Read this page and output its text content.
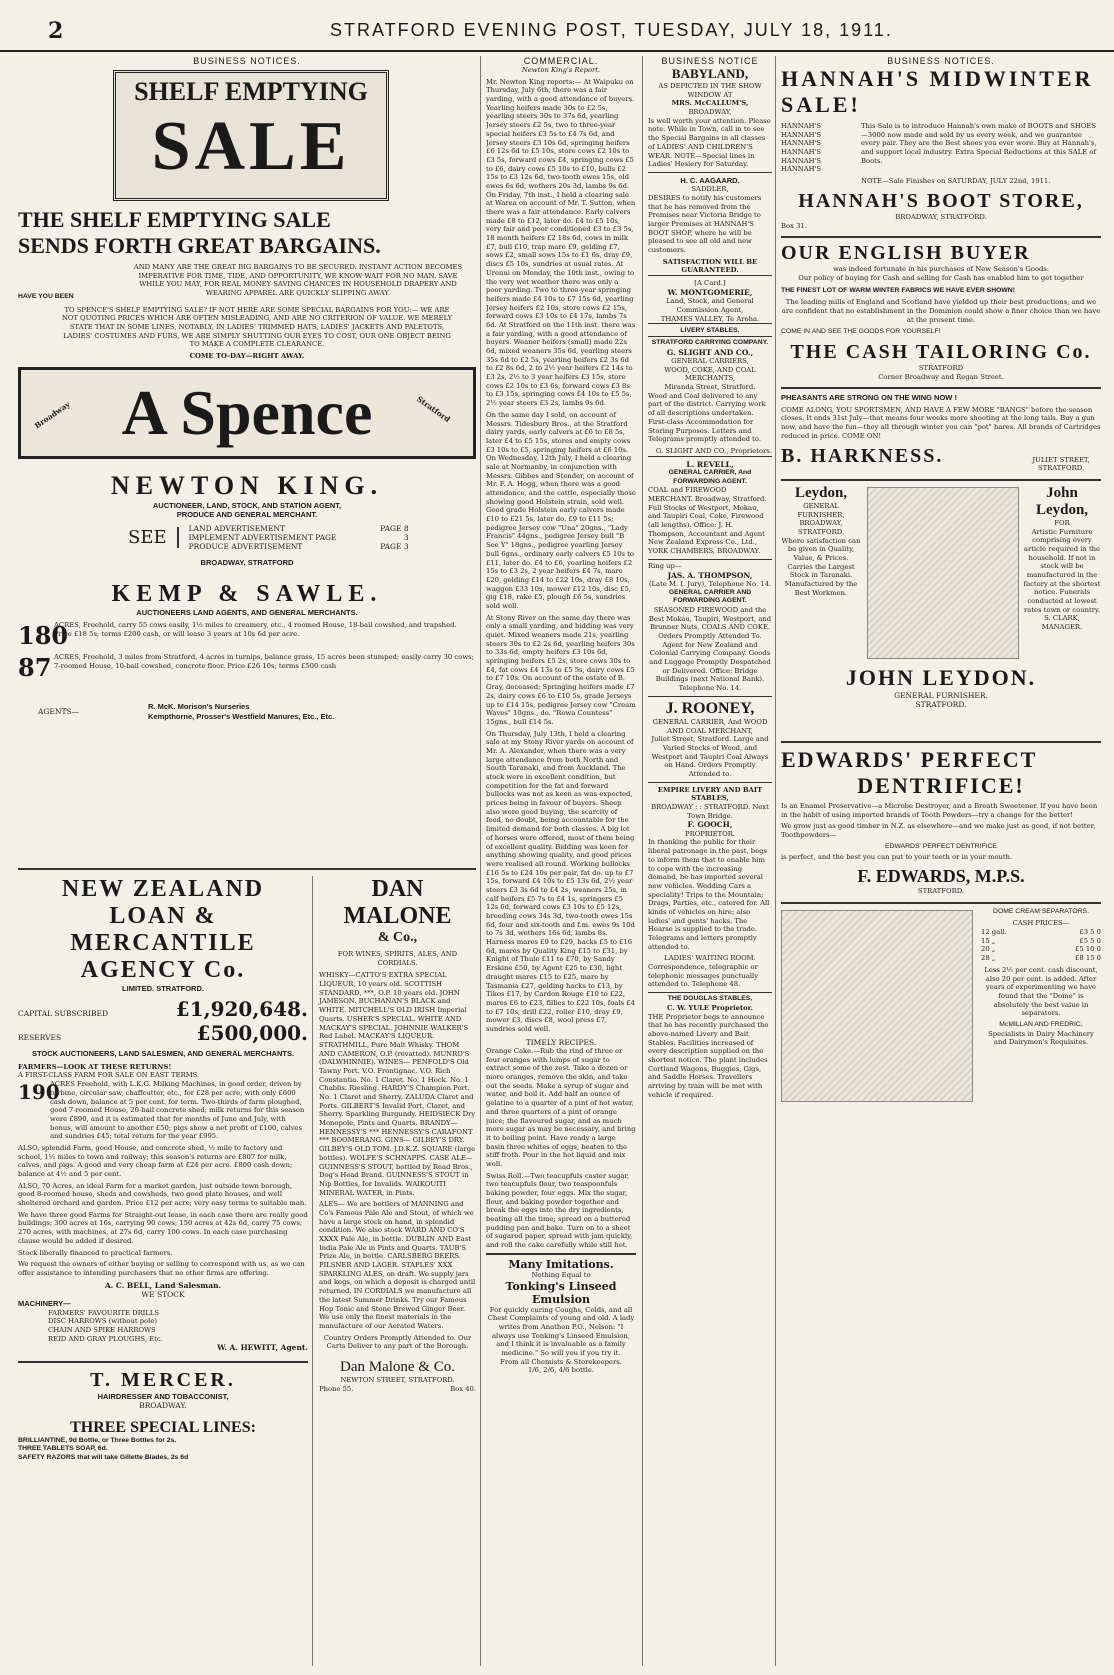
2	STRATFORD EVENING POST, TUESDAY, JULY 18, 1911.
BUSINESS NOTICES.
SHELF EMPTYING
SALE
THE SHELF EMPTYING SALE
SENDS FORTH GREAT BARGAINS.
HAVE YOU BEEN
AND MANY ARE THE GREAT BIG BARGAINS TO BE SECURED. INSTANT ACTION BECOMES IMPERATIVE FOR TIME, TIDE, AND OPPORTUNITY, WE KNOW WAIT FOR NO MAN. SAVE WHILE YOU MAY, FOR REAL MONEY SAVING CHANCES IN HOUSEHOLD DRAPERY AND WEARING APPAREL ARE QUICKLY SLIPPING AWAY.
TO SPENCE'S SHELF EMPTYING SALE? IF NOT HERE ARE SOME SPECIAL BARGAINS FOR YOU:— WE ARE NOT QUOTING PRICES WHICH ARE OFTEN MISLEADING, AND ARE NO CRITERION OF VALUE. WE MERELY STATE THAT IN SOME LINES, NOTABLY, IN LADIES' TRIMMED HATS, LADIES' JACKETS AND PALETOTS, LADIES' COSTUMES AND FURS, WE ARE SIMPLY SHUTTING OUR EYES TO COST, OUR ONE OBJECT BEING TO MAKE A COMPLETE CLEARANCE.
COME TO-DAY—RIGHT AWAY.
Broadway A Spence	Stratford
NEWTON KING.
AUCTIONEER, LAND, STOCK, AND STATION AGENT,
PRODUCE AND GENERAL MERCHANT.
SEE	LAND ADVERTISEMENT	PAGE 8
IMPLEMENT ADVERTISEMENT PAGE	3
PRODUCE ADVERTISEMENT	PAGE 3
BROADWAY, STRATFORD
KEMP & SAWLE.
AUCTIONEERS LAND AGENTS, AND GENERAL MERCHANTS.
180
ACRES, Freehold, carry 55 cows easily, 1½ miles to creamery, etc., 4 roomed House, 18-bail cowshed, and trapshed. Price £18 5s; terms £200 cash, or will lease 3 years at 10s 6d per acre.
87 ACRES, Freehold, 3 miles from Stratford, 4 acres in turnips, balance grass, 15 acres been stumped; easily carry 30 cows; 7-roomed House, 10-bail cowshed, concrete floor. Price £26 10s; terms £500 cash
AGENTS—
R. McK. Morison's Nurseries
Kempthorne, Prosser's Westfield Manures, Etc., Etc.
NEW ZEALAND
LOAN & MERCANTILE
AGENCY Co.
LIMITED. STRATFORD.
CAPITAL SUBSCRIBED	£1,920,648.
RESERVES	£500,000.
STOCK AUCTIONEERS, LAND SALESMEN, AND GENERAL MERCHANTS.
FARMERS—LOOK AT THESE RETURNS!
A FIRST-CLASS FARM FOR SALE ON EAST TERMS.
190
ACRES Freehold, with L.K.G. Milking Machines, in good order, driven by turbine, circular saw, chaffcutter, etc., for £28 per acre, with only £600 cash down, balance at 5 per cent. for term. Two-thirds of farm ploughed, good 7-roomed House, 20-bail concrete shed; milk returns for this season were £890, and it is estimated that for months of June and July, with bonus, will amount to another £50; pigs show a net profit of £100, calves and sundries £45; total return for the year £995.

ALSO, splendid Farm, good House, and concrete shed, ½ mile to factory and school, 1½ miles to town and railway; this season's returns are £807 for milk, calves, and pigs. A good and very cheap farm at £24 per acre. £800 cash down; balance at 4½ and 5 per cent.

ALSO, 70 Acres, an ideal Farm for a market garden, just outside town borough, good 8-roomed house, sheds and cowsheds, two good plate houses, and well sheltered orchard and garden. Price £12 per acre; very easy terms to suitable man.

We have three good Farms for Straight-out lease, in each case there are really good buildings; 300 acres at 16s, carrying 90 cows; 150 acres at 42s 6d, carry 75 cows; 270 acres, with machines, at 27s 6d, carry 100 cows. In each case purchasing clause would be added if desired.

Stock liberally financed to practical farmers.

We request the owners of either buying or selling to correspond with us, as we can offer assistance to intending purchasers that no other firms are offering.

A. C. BELL, Land Salesman.
WE STOCK
MACHINERY—
FARMERS' FAVOURITE DRILLS
DISC HARROWS (without pole)
CHAIN AND SPIKE HARROWS
REID AND GRAY PLOUGHS, Etc.
W. A. HEWITT, Agent.
T. MERCER.
HAIRDRESSER AND TOBACCONIST,
BROADWAY.
THREE SPECIAL LINES:
BRILLIANTINE, 9d Bottle, or Three Bottles for 2s.
THREE TABLETS SOAP, 6d.
SAFETY RAZORS that will take Gillette Blades, 2s 6d
DAN MALONE
& Co.,
FOR WINES, SPIRITS, ALES, AND CORDIALS.
WHISKY—CATTO'S EXTRA SPECIAL LIQUEUR, 10 years old. SCOTTISH STANDARD, ***, O.P. 10 years old. JOHN JAMESON. BUCHANAN'S BLACK and WHITE. MITCHELL'S OLD IRISH Imperial Quarts. USHER'S SPECIAL. WHITE AND MACKAY'S SPECIAL. JOHNNIE WALKER'S Red Label. MACKAY'S LIQUEUR. STRATHMILL, Pure Malt Whisky. THOM AND CAMERON, O.P. (revatted). MUNRO'S (DALWHINNIE). WINES— PENFOLD'S Old Tawny Port. V.O. Frontignac. V.O. Rich Constantia. No. 1 Claret. No. 1 Hock. No. 1 Chablis. Riesling. HARDY'S Champion Port. No. 1 Claret and Sherry. ZALUDA Claret and Ports. GILBERT'S Invalid Port, Claret, and Sherry. Sparkling Burgundy. HEIDSIECK Dry Monopole, Pints and Quarts. BRANDY— HENNESSY'S *** HENNESSY'S CARAFONT *** BOOMERANG. GINS— GILBEY'S DRY. GILBEY'S OLD TOM. J.D.K.Z. SQUARE (large bottles). WOLFE'S SCHNAPPS. CASE ALE— GUINNESS'S STOUT, bottled by Read Bros., Dog's Head Brand. GUINNESS'S STOUT in Nip Bottles, for Invalids. WAIKOUITI MINERAL WATER, in Pints.
ALES— We are bottlers of MANNING and Co's Famous Pale Ale and Stout, of which we have a large stock on hand, in splendid condition. We also stock WARD AND CO'S XXXX Pale Ale, in bottle. DUBLIN AND East India Pale Ale in Pints and Quarts. TAUB'S Prize Ale, in bottle. CARLSBERG BEERS. PILSNER AND LAGER. STAPLES' XXX SPARKLING ALES, on draft. We supply jars and kegs, on which a deposit is charged until returned. IN CORDIALS we manufacture all the latest Summer Drinks. Try our Famous Hop Tonic and Stone Brewed Ginger Beer. We use only the finest materials in the manufacture of our Aerated Waters.
Country Orders Promptly Attended to. Our Carts Deliver to any part of the Borough.
Dan Malone & Co.
NEWTON STREET, STRATFORD.
Phone 55.	Box 40.
COMMERCIAL.
Newton King's Report.

Mr. Newton King reports:— At Waipuku on Thursday, July 6th, there was a fair yarding, with a good attendance of buyers. Yearling heifers made 30s to £2 5s, yearling steers 30s to 37s 6d, yearling Jersey steers £2 5s, two to three-year special heifers £3 5s to £4 7s 6d, and Jersey steers £3 10s 6d, springing heifers £6 12s 6d to £5 10s, store cows £2 10s to £3 5s, forward cows £4, springing cows £5 to £6, dairy cows £5 10s to £10, bulls £2 15s to £3 12s 6d, two-tooth ewes 15s, old ewes 6s 6d, wethers 20s 3d, lambs 9s 6d. On Friday, 7th inst., I held a clearing sale at Warea on account of Mr. T. Sutton, when there was a fair attendance. Early calvers made £8 to £12, later do. £4 to £5 10s, very fair and poor conditioned £3 to £3 5s, 18 month heifers £2 18s 6d, cows in milk £7, bull £10, trap mare £9, gelding £7, sows £2, small sows 15s to £1 6s, dray £9, discs £5 10s, sundries at usual rates. At Urenui on Monday, the 10th inst., owing to the very wet weather there was only a poor yarding. Two to three-year springing heifers made £4 10s to £7 15s 6d, yearling Jersey heifers £2 10s, store cows £2 15s, forward cows £3 10s to £4 17s, lambs 7s 6d. At Stratford on the 11th inst. there was a fair yarding, with a good attendance of buyers. Weaner heifers (small) made 22s 6d, mixed weaners 35s 6d, yearling steers 35s 6d to £2 5s, yearling heifers £2 3s 6d to £2 8s 6d, 2 to 2½ year heifers £2 14s to £3 2s, 2½ to 3 year heifers £3 15s, store cows £2 10s to £3 6s, forward cows £3 8s to £3 15s, springing cows £4 10s to £5 5s, 2½ year steers £3 2s, lambs 9s 6d.

On the same day I sold, on account of Messrs. Tidesbury Bros., at the Stratford dairy yards, early calvers at £6 to £8 5s, later £4 to £5 15s, stores and empty cows £3 10s to £5, springing heifers at £6 10s. On Wednesday, 12th July, I held a clearing sale at Normanby, in conjunction with Messrs. Gibbes and Stender, on account of Mr. F. A. Hogg, when there was a good attendance, and the cattle, especially those showing good Holstein strain, sold well. Good grade Holstein early calvers made £10 to £21 5s, later do. £9 to £11 5s; pedigree Jersey cow "Una" 20gns., "Lady Francis" 44gns., pedigree Jersey bull "B See Y" 18gns., pedigree yearling Jersey bull 6gns., ordinary early calvers £5 10s to £11, later do. £4 to £6, yearling heifers £2 15s to £3 2s, 2 year heifers £4 7s, mare £20, gelding £14 to £22 10s, dray £8 10s, waggon £33 10s, mower £12 10s, disc £5, gig £18, rake £5, plough £6 5s, sundries sold well.

At Stony River on the same day there was only a small yarding, and bidding was very quiet. Mixed weaners made 21s, yearling steers 30s to £2 2s 6d, yearling heifers 30s to 33s 6d, empty heifers £3 10s 6d, springing heifers £5 2s, store cows 30s to £4, fat cows £4 13s to £5 5s, dairy cows £5 to £7 10s. On account of the estate of B. Gray, deceased: Springing heifers made £7 2s, dairy cows £6 to £10 5s, grade Jerseys up to £14 15s, pedigree Jersey cow "Cream Waves" 10gns., do. "Rowa Countess" 15gns., bull £14 5s.

On Thursday, July 13th, I held a clearing sale at my Stony River yards on account of Mr. A. Alexander, when there was a very large attendance from both North and South Taranaki, and from Auckland. The stock were in excellent condition, but competition for the fat and forward bullocks was not as keen as was expected, prices being in favour of buyers. Sheep also were good buying, the scarcity of feed, no doubt, being accountable for the limited demand for both classes. A big lot of horses were offered, most of them being of excellent quality. Bidding was keen for anything showing quality, and good prices were realised all round. Working bullocks £16 5s to £24 10s per pair, fat do. up to £7 15s, forward £4 10s to £5 13s 6d, 2½ year steers £3 3s 6d to £4 2s, weaners 25s, in calf heifers £5 7s to £4 1s, springers £5 12s 6d, forward cows £3 10s to £5 12s, breeding cows 34s 3d, two-tooth ewes 15s 6d, four and six-tooth and f.m. ewes 9s 10d to 7s 3d, wethers 16s 6d, lambs 8s. Harness mares £9 to £29, hacks £5 to £16 6d, mares by Quality King £15 to £31, by Knight of Thule £11 to £70, by Sandy Erskine £50, by Agent £25 to £30, light draught mares £15 to £25, mare by Tasmania £27, gelding hacks to £13, by Tikos £17, by Cardon Rouge £10 to £22, mares £6 to £23, fillies to £22 10s, foals £4 to £7 10s, drill £22, roller £10, dray £9, mower £3, discs £8, wool press £7, sundries sold well.

TIMELY RECIPES.

Orange Cake.—Rub the rind of three or four oranges with lumps of sugar to extract some of the zest. Take a dozen or more oranges, remove the skin, and take out the seeds. Make a syrup of sugar and water, and boil it. Add half an ounce of gelatine to a quarter of a pint of hot water, and three quarters of a pint of orange juice; the flavoured sugar, and as much more sugar as may be necessary, and bring it to boiling point. Have ready a large basin three whites of eggs, beaten to the stiff froth. Pour in the hot liquid and mix well.

Swiss Roll.—Two teacupfuls caster sugar, two teacupfuls flour, two teaspoonfuls baking powder, four eggs. Mix the sugar, flour, and baking powder together and break the eggs into the dry ingredients, beating all the time; spread on a buttered pudding pan and bake. Turn on to a sheet of sugared paper, spread with jam quickly, and roll the cake carefully while still hot.

Many Imitations.
Nothing Equal to
Tonking's Linseed Emulsion
For quickly curing Coughs, Colds, and all Chest Complaints of young and old. A lady writes from Anathon P.O., Nelson: "I always use Tonking's Linseed Emulsion, and I think it is invaluable as a family medicine." So will you if you try it.
From all Chemists & Storekeepers.
1/6, 2/6, 4/6 bottle.
BUSINESS NOTICE
BABYLAND,
AS DEPICTED IN THE SHOW WINDOW AT
MRS. McCALLUM'S,
BROADWAY,

Is well worth your attention. Please note. While in Town, call in to see the Special Bargains in all classes of LADIES' AND CHILDREN'S WEAR. NOTE—Special lines in Ladies' Hosiery for Saturday.

H. C. AAGAARD.
SADDLER,

DESIRES to notify his customers that he has removed from the Premises near Victoria Bridge to larger Premises at HANNAH'S BOOT SHOP, where he will be pleased to see all old and new customers.

SATISFACTION WILL BE GUARANTEED.
[A Card.]
W. MONTGOMERIE,
Land, Stock, and General Commission Agent,
THAMES VALLEY, Te Aroha.
LIVERY STABLES.
STRATFORD CARRYING COMPANY.
G. SLIGHT AND CO.,
GENERAL CARRIERS,
WOOD, COKE, AND COAL MERCHANTS,
Miranda Street, Stratford.

Wood and Coal delivered to any part of the district. Carrying work of all descriptions undertaken. First-class Accommodation for Storing Purposes. Letters and Telegrams promptly attended to.

G. SLIGHT AND CO., Proprietors.
L. REVELL,
GENERAL CARRIER, And FORWARDING AGENT.

COAL and FIREWOOD MERCHANT. Broadway, Stratford. Full Stocks of Westport, Mokau, and Taupiri Coal, Coke, Firewood (all lengths). Office: J. H. Thompson, Accountant and Agent New Zealand Express Co., Ltd., YORK CHAMBERS, BROADWAY.

Ring up—
JAS. A. THOMPSON,
(Late M. I. Jury), Telephone No. 14.
GENERAL CARRIER AND FORWARDING AGENT.

SEASONED FIREWOOD and the Best Mokau, Taupiri, Westport, and Brunner Nuts, COALS AND COKE. Orders Promptly Attended To. Agent for New Zealand and Colonial Carrying Company. Goods and Luggage Promptly Despatched or Delivered. Office: Bridge Buildings (next National Bank). Telephone No. 14.

J. ROONEY,
GENERAL CARRIER, And WOOD AND COAL MERCHANT,

Juliet Street, Stratford. Large and Varied Stocks of Wood, and Westport and Taupiri Coal Always on Hand. Orders Promptly Attended to.

EMPIRE LIVERY AND BAIT STABLES,
BROADWAY : : STRATFORD. Next Town Bridge.
F. GOOCH,
PROPRIETOR.

In thanking the public for their liberal patronage in the past, begs to inform them that to enable him to cope with the increasing demand, he has imported several new vehicles. Wedding Cars a speciality! Trips to the Mountain; Drags, Parties, etc., catered for. All kinds of vehicles on hire; also ladies' and gents' hacks. The Hearse is supplied to the trade. Telegrams and letters promptly attended to.

LADIES' WAITING ROOM.

Correspondence, telegraphic or telephonic messages punctually attended to. Telephone 48.

THE DOUGLAS STABLES,
C. W. YULE Proprietor.

THE Proprietor begs to announce that he has recently purchased the above-named Livery and Bait Stables. Facilities increased of every description supplied on the shortest notice. The plant includes Cortland Wagons, Buggies, Gigs, and Saddle Horses. Travellers arriving by train will be met with vehicle if required.

BUSINESS NOTICES.
HANNAH'S MIDWINTER SALE!
HANNAH'S
HANNAH'S
HANNAH'S
HANNAH'S
HANNAH'S
HANNAH'S
This Sale is to introduce Hannah's own make of BOOTS and SHOES—3000 now made and sold by us every week, and we guarantee every pair. They are the Best shoes you ever wore. Buy at Hannah's, and support local industry. Extra Special Reductions at this SALE of Boots.
NOTE—Sale Finishes on SATURDAY, JULY 22nd, 1911.
HANNAH'S BOOT STORE,
BROADWAY, STRATFORD.
Box 31.
OUR ENGLISH BUYER
was indeed fortunate in his purchases of New Season's Goods.
Our policy of buying for Cash and selling for Cash has enabled him to get together
THE FINEST LOT OF WARM WINTER FABRICS WE HAVE EVER SHOWN!
The leading mills of England and Scotland have yielded up their best productions, and we are confident that no establishment in the Dominion could show a finer choice than we have at the present time.
COME IN AND SEE THE GOODS FOR YOURSELF!
THE CASH TAILORING Co.
STRATFORD
Corner Broadway and Regan Street.
PHEASANTS ARE STRONG ON THE WING NOW !
COME ALONG, YOU SPORTSMEN, AND HAVE A FEW MORE "BANGS" before the season closes. It ends 31st July—that means four weeks more shooting at the long tails. Buy a gun now, and have the fun—they all through winter you can "pot" hares. All brands of Cartridges reduced in price. COME ON!
B. HARKNESS.	JULIET STREET, STRATFORD.
Leydon,
GENERAL FURNISHER,
BROADWAY, STRATFORD.
Where satisfaction can be given in Quality, Value, & Prices. Carries the Largest Stock in Taranaki. Manufactured by the Best Workmen.
John
Leydon,
FOR
Artistic Furniture comprising every article required in the household. If not in stock will be manufactured in the factory at the shortest notice. Funerals conducted at lowest rates town or country.
S. CLARK, MANAGER.
JOHN LEYDON.
GENERAL FURNISHER.
STRATFORD.
EDWARDS' PERFECT
DENTRIFICE!
Is an Enamel Preservative—a Microbe Destroyer, and a Breath Sweetener. If you have been in the habit of using imported brands of Tooth Powders—try a change for the better!
We grow just as good timber in N.Z. as elsewhere—and we make just as good, if not better, Toothpowders—
EDWARDS' PERFECT DENTRIFICE
is perfect, and the best you can put to your teeth or in your mouth.
F. EDWARDS, M.P.S.
STRATFORD.
DOME CREAM SEPARATORS.
CASH PRICES—
12 gall.	£3 5 0
15 „	£5 5 0
20 „	£5 10 0
28 „	£8 15 0
Less 2½ per cent. cash discount, also 20 per cent. is added. After years of experimenting we have found that the "Dome" is absolutely the best value in separators.
McMILLAN AND FREDRIC,
Specialists in Dairy Machinery and Dairymen's Requisites.
